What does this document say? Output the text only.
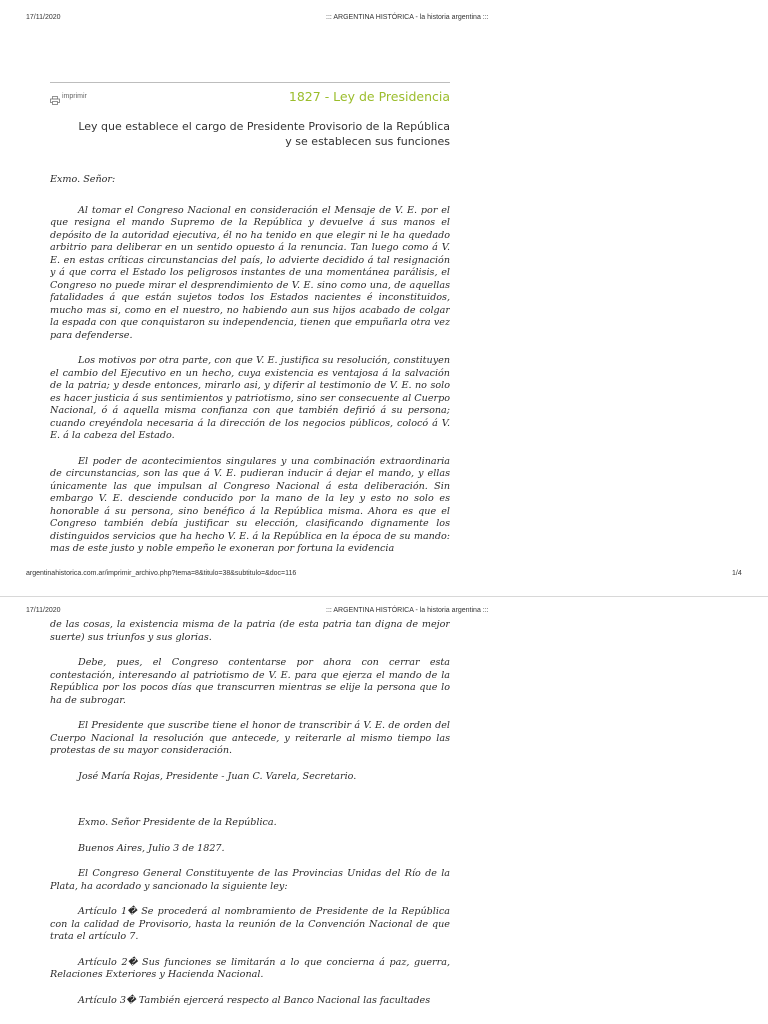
17/11/2020	::: ARGENTINA HISTÓRICA - la historia argentina :::
imprimir	1827 - Ley de Presidencia
Ley que establece el cargo de Presidente Provisorio de la República
y se establecen sus funciones

Exmo. Señor:

Al tomar el Congreso Nacional en consideración el Mensaje de V. E. por el que resigna el mando Supremo de la República y devuelve á sus manos el depósito de la autoridad ejecutiva, él no ha tenido en que elegir ni le ha quedado arbitrio para deliberar en un sentido opuesto á la renuncia. Tan luego como á V. E. en estas críticas circunstancias del país, lo advierte decidido á tal resignación y á que corra el Estado los peligrosos instantes de una momentánea parálisis, el Congreso no puede mirar el desprendimiento de V. E. sino como una, de aquellas fatalidades á que están sujetos todos los Estados nacientes é inconstituidos, mucho mas si, como en el nuestro, no habiendo aun sus hijos acabado de colgar la espada con que conquistaron su independencia, tienen que empuñarla otra vez para defenderse.

Los motivos por otra parte, con que V. E. justifica su resolución, constituyen el cambio del Ejecutivo en un hecho, cuya existencia es ventajosa á la salvación de la patria; y desde entonces, mirarlo asi, y diferir al testimonio de V. E. no solo es hacer justicia á sus sentimientos y patriotismo, sino ser consecuente al Cuerpo Nacional, ó á aquella misma confianza con que también defirió á su persona; cuando creyéndola necesaria á la dirección de los negocios públicos, colocó á V. E. á la cabeza del Estado.

El poder de acontecimientos singulares y una combinación extraordinaria de circunstancias, son las que á V. E. pudieran inducir á dejar el mando, y ellas únicamente las que impulsan al Congreso Nacional á esta deliberación. Sin embargo V. E. desciende conducido por la mano de la ley y esto no solo es honorable á su persona, sino benéfico á la República misma. Ahora es que el Congreso también debía justificar su elección, clasificando dignamente los distinguidos servicios que ha hecho V. E. á la República en la época de su mando: mas de este justo y noble empeño le exoneran por fortuna la evidencia

argentinahistorica.com.ar/imprimir_archivo.php?tema=8&titulo=38&subtitulo=&doc=116	1/4
17/11/2020	::: ARGENTINA HISTÓRICA - la historia argentina :::

de las cosas, la existencia misma de la patria (de esta patria tan digna de mejor suerte) sus triunfos y sus glorias.

Debe, pues, el Congreso contentarse por ahora con cerrar esta contestación, interesando al patriotismo de V. E. para que ejerza el mando de la República por los pocos días que transcurren mientras se elije la persona que lo ha de subrogar.

El Presidente que suscribe tiene el honor de transcribir á V. E. de orden del Cuerpo Nacional la resolución que antecede, y reiterarle al mismo tiempo las protestas de su mayor consideración.

José María Rojas, Presidente - Juan C. Varela, Secretario.

Exmo. Señor Presidente de la República.

Buenos Aires, Julio 3 de 1827.

El Congreso General Constituyente de las Provincias Unidas del Río de la Plata, ha acordado y sancionado la siguiente ley:

Artículo 1� Se procederá al nombramiento de Presidente de la República con la calidad de Provisorio, hasta la reunión de la Convención Nacional de que trata el artículo 7.

Artículo 2� Sus funciones se limitarán a lo que concierna á paz, guerra, Relaciones Exteriores y Hacienda Nacional.

Artículo 3� También ejercerá respecto al Banco Nacional las facultades
